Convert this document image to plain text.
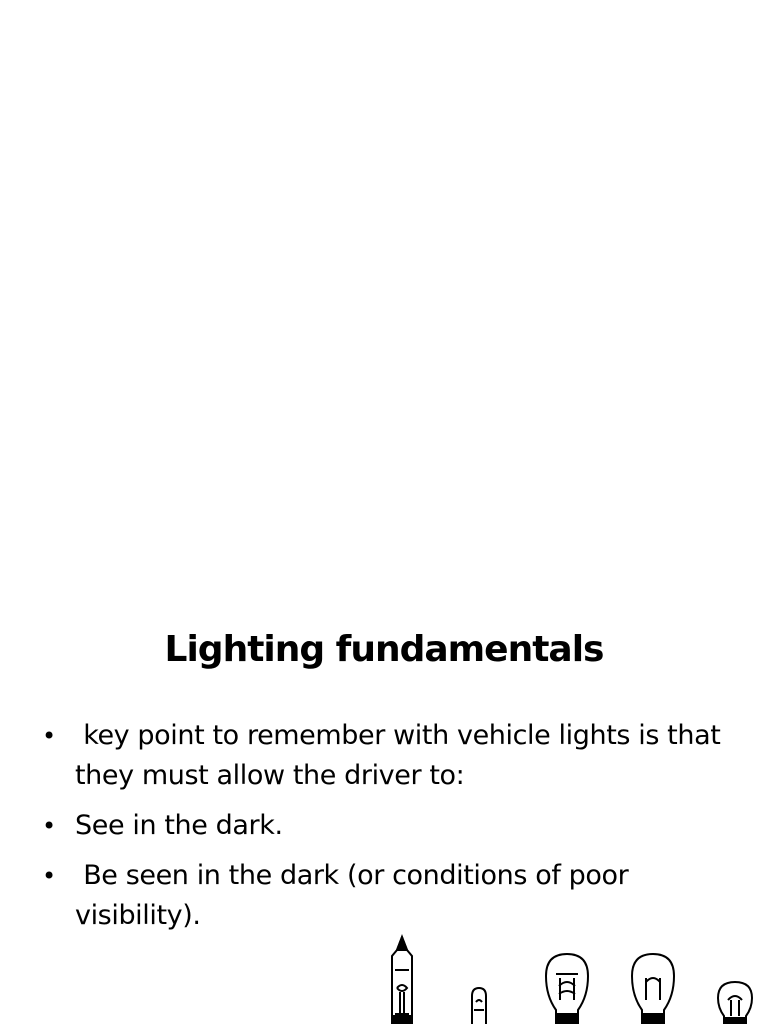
Lighting fundamentals
• key point to remember with vehicle lights is that they must allow the driver to:
• See in the dark.
• Be seen in the dark (or conditions of poor visibility).
